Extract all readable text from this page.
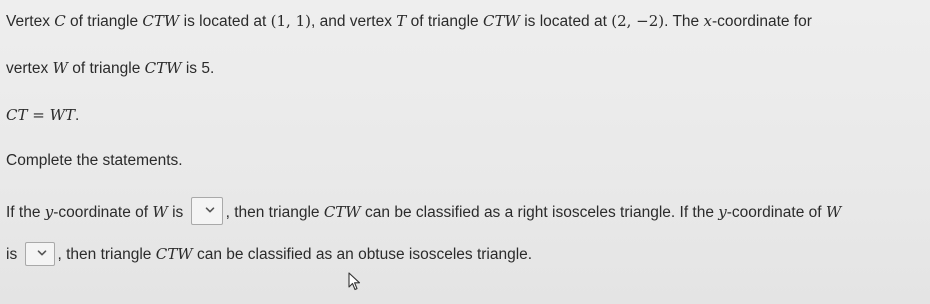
Vertex C of triangle CTW is located at (1, 1), and vertex T of triangle CTW is located at (2, −2). The x-coordinate for
vertex W of triangle CTW is 5.
CT = WT.
Complete the statements.
If the y-coordinate of W is
, then triangle CTW can be classified as a right isosceles triangle. If the y-coordinate of W
is
, then triangle CTW can be classified as an obtuse isosceles triangle.
